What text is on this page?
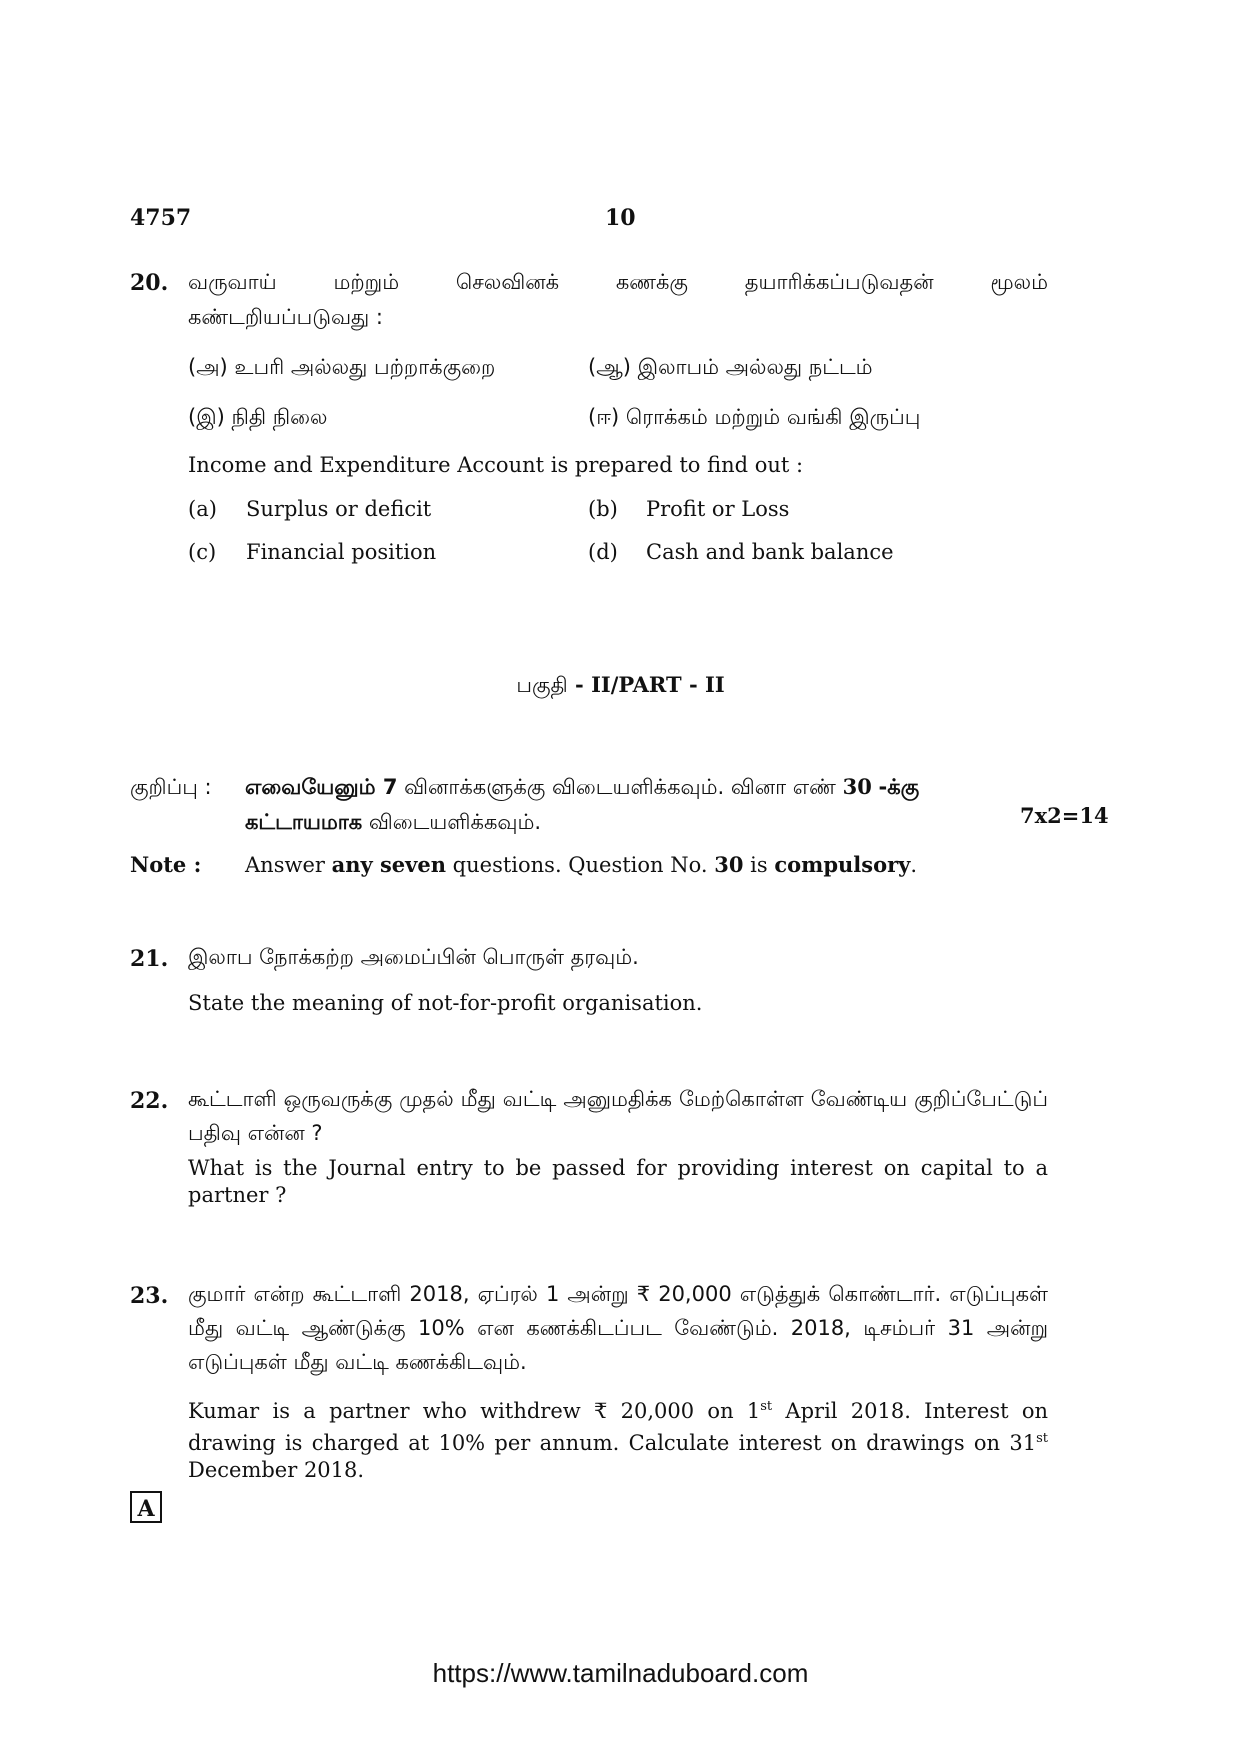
4757	10
20. வருவாய்	மற்றும்	செலவினக்	கணக்கு	தயாரிக்கப்படுவதன்	மூலம்
கண்டறியப்படுவது :
(அ) உபரி அல்லது பற்றாக்குறை	(ஆ) இலாபம் அல்லது நட்டம்
(இ) நிதி நிலை	(ஈ) ரொக்கம் மற்றும் வங்கி இருப்பு
Income and Expenditure Account is prepared to find out :
(a) Surplus or deficit	(b) Profit or Loss
(c) Financial position	(d) Cash and bank balance
பகுதி - II/PART - II
குறிப்பு : எவையேனும் 7 வினாக்களுக்கு விடையளிக்கவும். வினா எண் 30 -க்கு
கட்டாயமாக விடையளிக்கவும்.	7x2=14
Note : Answer any seven questions. Question No. 30 is compulsory.
21. இலாப நோக்கற்ற அமைப்பின் பொருள் தரவும்.
State the meaning of not-for-profit organisation.
22. கூட்டாளி ஒருவருக்கு முதல் மீது வட்டி அனுமதிக்க மேற்கொள்ள வேண்டிய குறிப்பேட்டுப் பதிவு என்ன ?
What is the Journal entry to be passed for providing interest on capital to a partner ?
23. குமார் என்ற கூட்டாளி 2018, ஏப்ரல் 1 அன்று ₹ 20,000 எடுத்துக் கொண்டார். எடுப்புகள் மீது வட்டி ஆண்டுக்கு 10% என கணக்கிடப்பட வேண்டும். 2018, டிசம்பர் 31 அன்று எடுப்புகள் மீது வட்டி கணக்கிடவும்.
Kumar is a partner who withdrew ₹ 20,000 on 1st April 2018. Interest on drawing is charged at 10% per annum. Calculate interest on drawings on 31st December 2018.
A
https://www.tamilnaduboard.com
